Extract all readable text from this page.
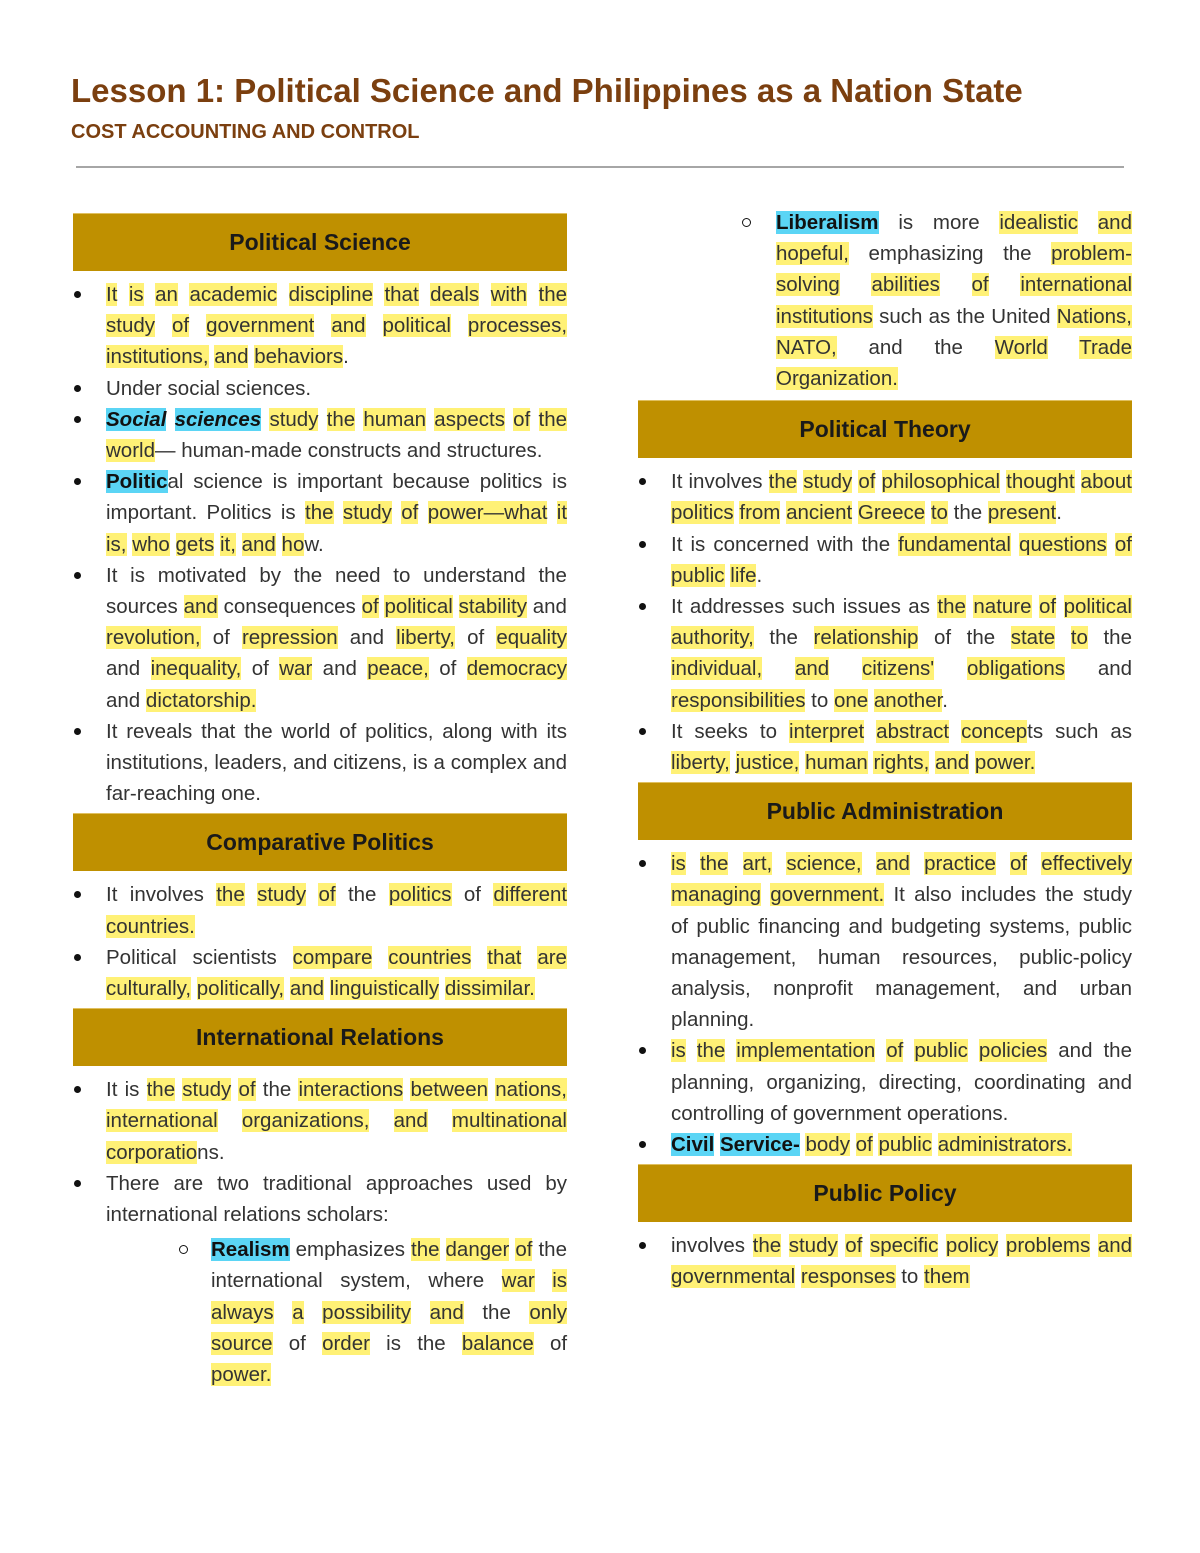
Lesson 1: Political Science and Philippines as a Nation State
COST ACCOUNTING AND CONTROL
Political Science
It is an academic discipline that deals with the study of government and political processes, institutions, and behaviors.
Under social sciences.
Social sciences study the human aspects of the world— human-made constructs and structures.
Political science is important because politics is important. Politics is the study of power—what it is, who gets it, and how.
It is motivated by the need to understand the sources and consequences of political stability and revolution, of repression and liberty, of equality and inequality, of war and peace, of democracy and dictatorship.
It reveals that the world of politics, along with its institutions, leaders, and citizens, is a complex and far-reaching one.
Comparative Politics
It involves the study of the politics of different countries.
Political scientists compare countries that are culturally, politically, and linguistically dissimilar.
International Relations
It is the study of the interactions between nations, international organizations, and multinational corporations.
There are two traditional approaches used by international relations scholars:
Realism emphasizes the danger of the international system, where war is always a possibility and the only source of order is the balance of power.
Liberalism is more idealistic and hopeful, emphasizing the problem-solving abilities of international institutions such as the United Nations, NATO, and the World Trade Organization.
Political Theory
It involves the study of philosophical thought about politics from ancient Greece to the present.
It is concerned with the fundamental questions of public life.
It addresses such issues as the nature of political authority, the relationship of the state to the individual, and citizens' obligations and responsibilities to one another.
It seeks to interpret abstract concepts such as liberty, justice, human rights, and power.
Public Administration
is the art, science, and practice of effectively managing government. It also includes the study of public financing and budgeting systems, public management, human resources, public-policy analysis, nonprofit management, and urban planning.
is the implementation of public policies and the planning, organizing, directing, coordinating and controlling of government operations.
Civil Service- body of public administrators.
Public Policy
involves the study of specific policy problems and governmental responses to them
